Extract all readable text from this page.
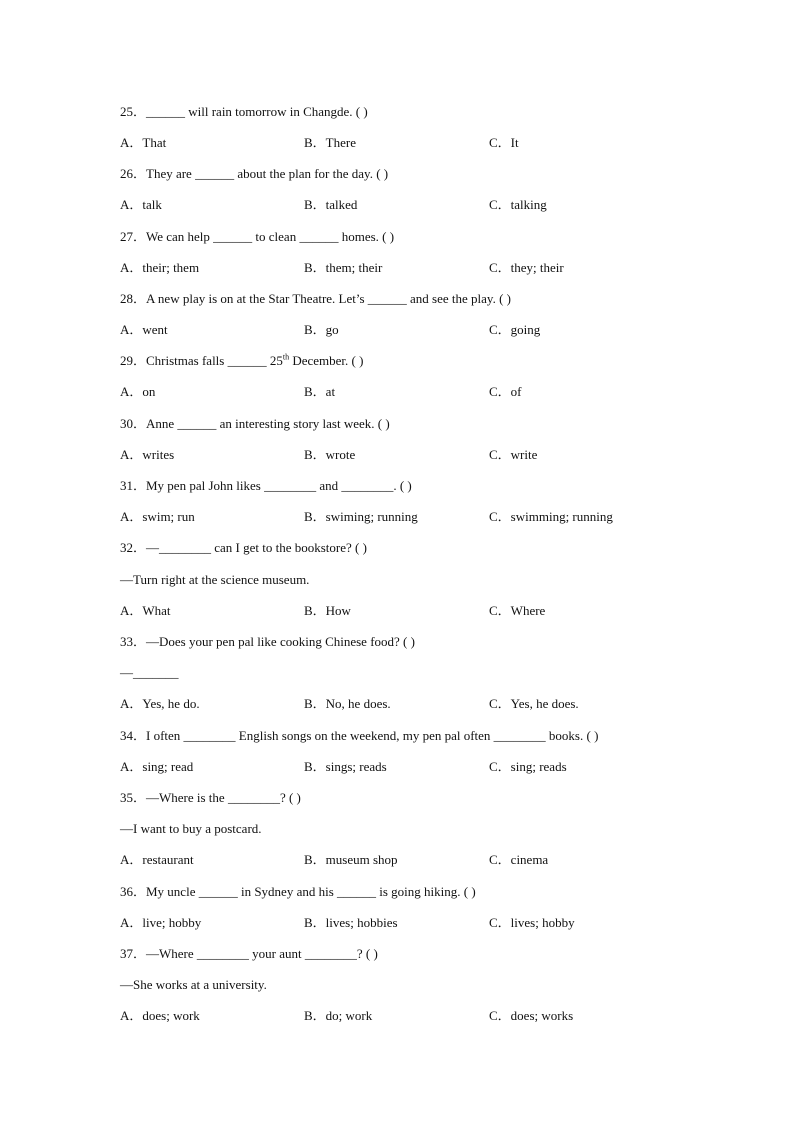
25．______ will rain tomorrow in Changde. ( )
A．That	B．There	C．It
26．They are ______ about the plan for the day. ( )
A．talk	B．talked	C．talking
27．We can help ______ to clean ______ homes. ( )
A．their; them	B．them; their	C．they; their
28．A new play is on at the Star Theatre. Let’s ______ and see the play. ( )
A．went	B．go	C．going
29．Christmas falls ______ 25th December. ( )
A．on	B．at	C．of
30．Anne ______ an interesting story last week. ( )
A．writes	B．wrote	C．write
31．My pen pal John likes ________ and ________. ( )
A．swim; run	B．swiming; running	C．swimming; running
32．—________ can I get to the bookstore? ( )
—Turn right at the science museum.
A．What	B．How	C．Where
33．—Does your pen pal like cooking Chinese food? ( )
—_______
A．Yes, he do.	B．No, he does.	C．Yes, he does.
34．I often ________ English songs on the weekend, my pen pal often ________ books. ( )
A．sing; read	B．sings; reads	C．sing; reads
35．—Where is the ________? ( )
—I want to buy a postcard.
A．restaurant	B．museum shop	C．cinema
36．My uncle ______ in Sydney and his ______ is going hiking. ( )
A．live; hobby	B．lives; hobbies	C．lives; hobby
37．—Where ________ your aunt ________? ( )
—She works at a university.
A．does; work	B．do; work	C．does; works
